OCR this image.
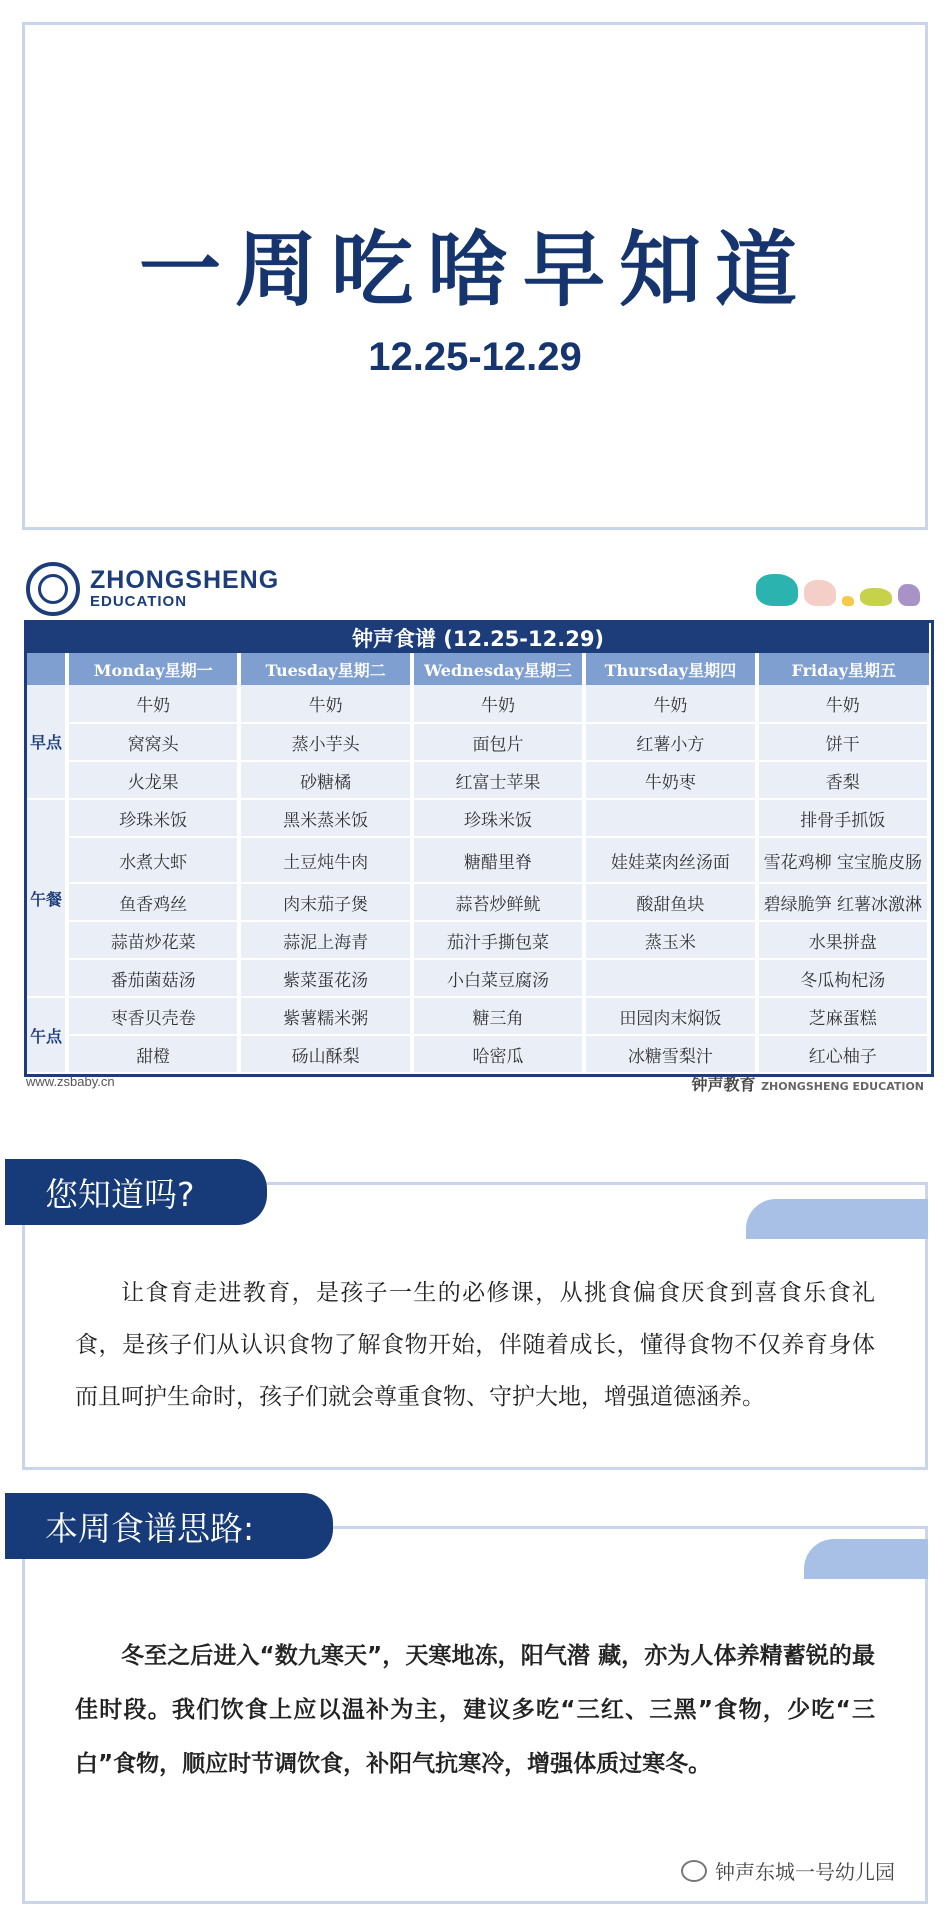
一周吃啥早知道
12.25-12.29
ZHONGSHENG
EDUCATION
钟声食谱 (12.25-12.29)					
	Monday星期一	Tuesday星期二	Wednesday星期三	Thursday星期四	Friday星期五
早点	牛奶	牛奶	牛奶	牛奶	牛奶
	窝窝头	蒸小芋头	面包片	红薯小方	饼干
	火龙果	砂糖橘	红富士苹果	牛奶枣	香梨
午餐	珍珠米饭	黑米蒸米饭	珍珠米饭		排骨手抓饭
	水煮大虾	土豆炖牛肉	糖醋里脊	娃娃菜肉丝汤面	雪花鸡柳 宝宝脆皮肠
	鱼香鸡丝	肉末茄子煲	蒜苔炒鲜鱿	酸甜鱼块	碧绿脆笋 红薯冰激淋
	蒜苗炒花菜	蒜泥上海青	茄汁手撕包菜	蒸玉米	水果拼盘
	番茄菌菇汤	紫菜蛋花汤	小白菜豆腐汤		冬瓜枸杞汤
午点	枣香贝壳卷	紫薯糯米粥	糖三角	田园肉末焖饭	芝麻蛋糕
	甜橙	砀山酥梨	哈密瓜	冰糖雪梨汁	红心柚子
www.zsbaby.cn	钟声教育 ZHONGSHENG EDUCATION
您知道吗?
让食育走进教育，是孩子一生的必修课，从挑食偏食厌食到喜食乐食礼食，是孩子们从认识食物了解食物开始，伴随着成长，懂得食物不仅养育身体而且呵护生命时，孩子们就会尊重食物、守护大地，增强道德涵养。
本周食谱思路:
冬至之后进入“数九寒天”，天寒地冻，阳气潜 藏，亦为人体养精蓄锐的最佳时段。我们饮食上应以温补为主，建议多吃“三红、三黑”食物，少吃“三白”食物，顺应时节调饮食，补阳气抗寒冷，增强体质过寒冬。
钟声东城一号幼儿园
